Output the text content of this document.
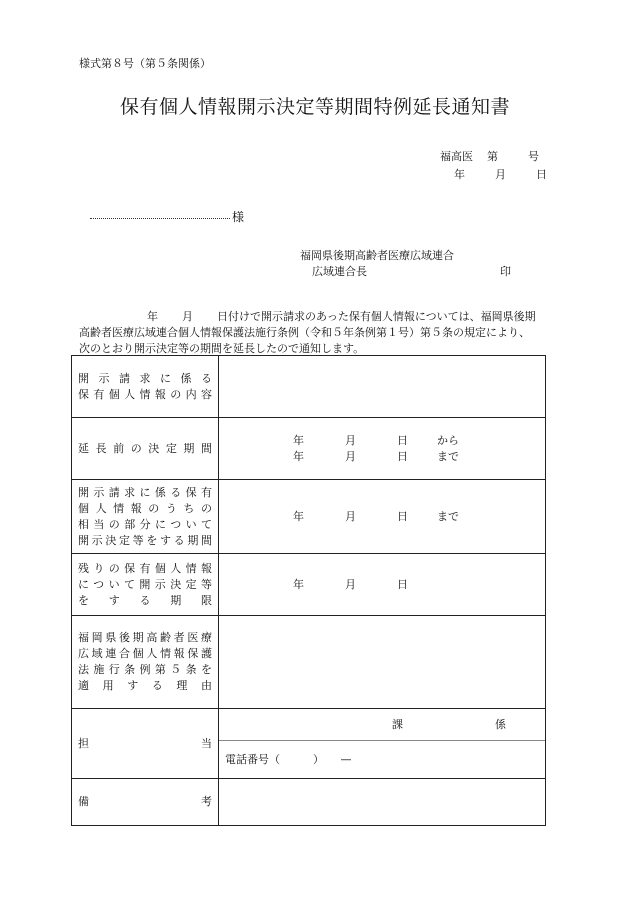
様式第８号（第５条関係）
保有個人情報開示決定等期間特例延長通知書
福高医 第	号
年	月	日
様
福岡県後期高齢者医療広域連合
広域連合長	印

年 月 日付けで開示請求のあった保有個人情報については、福岡県後期

高齢者医療広域連合個人情報保護法施行条例（令和５年条例第１号）第５条の規定により、

次のとおり開示決定等の期間を延長したので通知します。

開示請求に係る
保有個人情報の内容	

延長前の決定期間	年 月 日 から
年 月 日 まで

開示請求に係る保有
個人情報のうちの
相当の部分について
開示決定等をする期間	年 月 日 まで

残りの保有個人情報
について開示決定等
をする期限	年 月 日

福岡県後期高齢者医療
広域連合個人情報保護
法施行条例第５条を
適用する理由	

担当	課 係
電話番号（　　　）　　—

備考	
